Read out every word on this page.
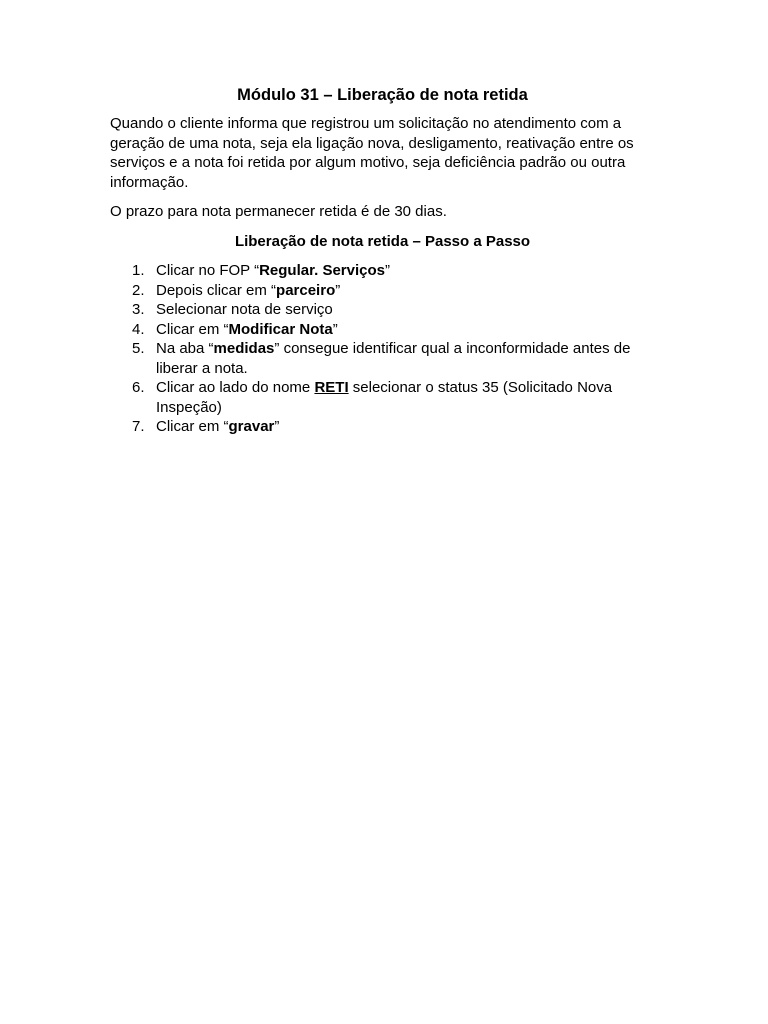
Módulo 31 – Liberação de nota retida

Quando o cliente informa que registrou um solicitação no atendimento com a geração de uma nota, seja ela ligação nova, desligamento, reativação entre os serviços e a nota foi retida por algum motivo, seja deficiência padrão ou outra informação.

O prazo para nota permanecer retida é de 30 dias.

Liberação de nota retida – Passo a Passo
1. Clicar no FOP “Regular. Serviços”
2. Depois clicar em “parceiro”
3. Selecionar nota de serviço
4. Clicar em “Modificar Nota”
5. Na aba “medidas” consegue identificar qual a inconformidade antes de liberar a nota.
6. Clicar ao lado do nome RETI selecionar o status 35 (Solicitado Nova Inspeção)
7. Clicar em “gravar”
